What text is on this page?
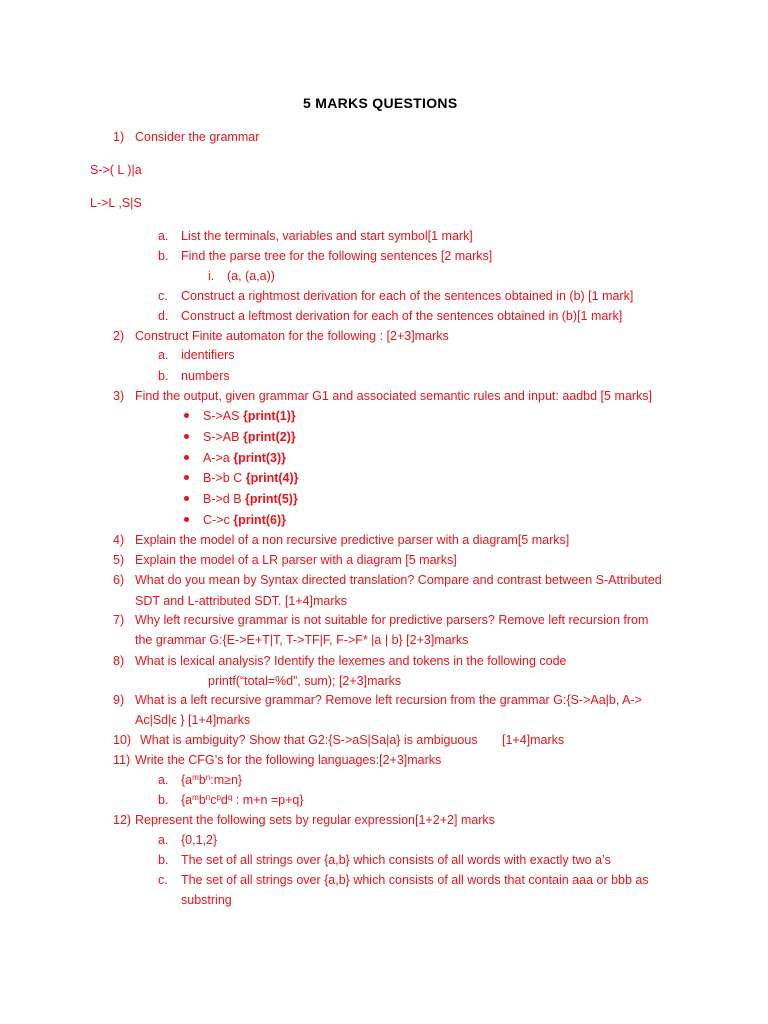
5 MARKS QUESTIONS
1) Consider the grammar
S->( L )|a
L->L ,S|S
a. List the terminals, variables and start symbol[1 mark]
b. Find the parse tree for the following sentences [2 marks]
i. (a, (a,a))
c. Construct a rightmost derivation for each of the sentences obtained in (b) [1 mark]
d. Construct a leftmost derivation for each of the sentences obtained in (b)[1 mark]
2) Construct Finite automaton for the following : [2+3]marks
a. identifiers
b. numbers
3) Find the output, given grammar G1 and associated semantic rules and input: aadbd [5 marks]
S->AS {print(1)}
S->AB {print(2)}
A->a {print(3)}
B->b C {print(4)}
B->d B {print(5)}
C->c {print(6)}
4) Explain the model of a non recursive predictive parser with a diagram[5 marks]
5) Explain the model of a LR parser with a diagram [5 marks]
6) What do you mean by Syntax directed translation? Compare and contrast between S-Attributed
SDT and L-attributed SDT. [1+4]marks
7) Why left recursive grammar is not suitable for predictive parsers? Remove left recursion from
the grammar G:{E->E+T|T, T->TF|F, F->F* |a | b} [2+3]marks
8) What is lexical analysis? Identify the lexemes and tokens in the following code
printf(“total=%d”, sum); [2+3]marks
9) What is a left recursive grammar? Remove left recursion from the grammar G:{S->Aa|b, A->
Ac|Sd|ϵ } [1+4]marks
10) What is ambiguity? Show that G2:{S->aS|Sa|a} is ambiguous [1+4]marks
11) Write the CFG’s for the following languages:[2+3]marks
a. $\{a^mb^n:m\ge n\}$
b. {$a^mb^nc^pd^q$ : m+n =p+q}
12) Represent the following sets by regular expression[1+2+2] marks
a. {0,1,2}
b. The set of all strings over {a,b} which consists of all words with exactly two a’s
c. The set of all strings over {a,b} which consists of all words that contain aaa or bbb as
substring
